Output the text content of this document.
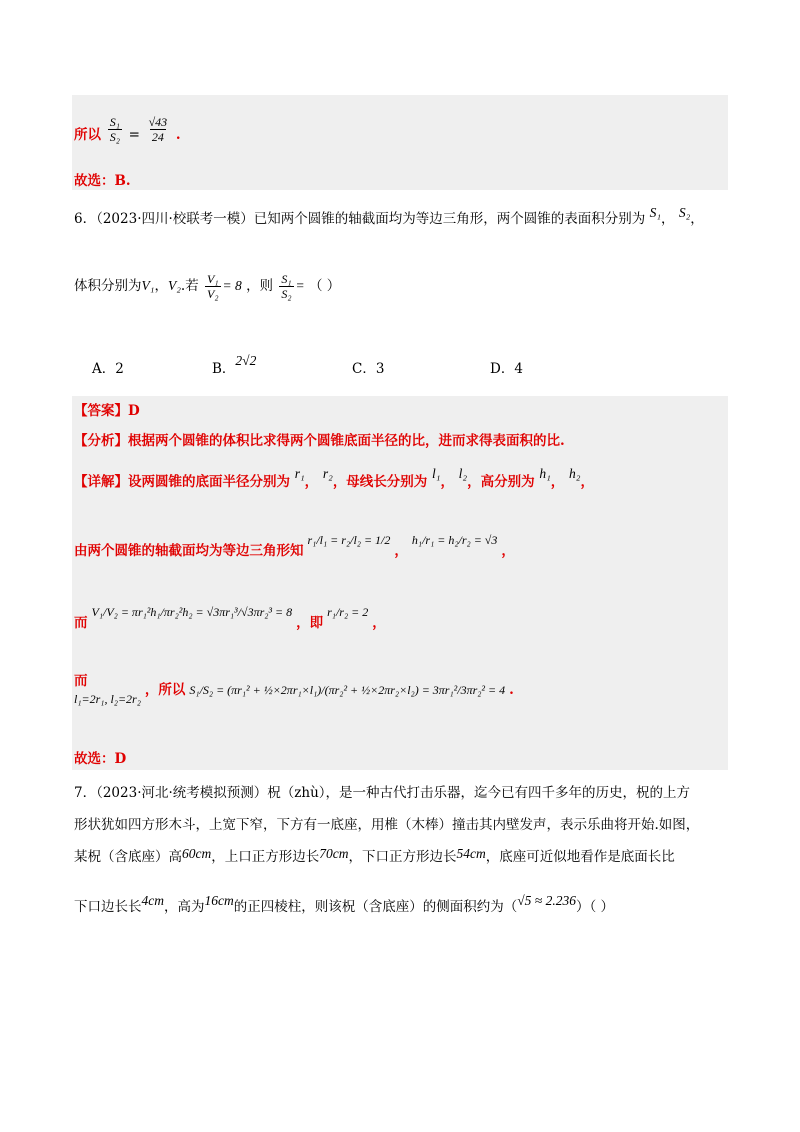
所以 $\frac{\text{S₁}}{\text{S₂}} = \frac{√43}{24}$ .
故选：B.
6．（2023·四川·校联考一模）已知两个圆锥的轴截面均为等边三角形，两个圆锥的表面积分别为 S₁， S₂，
体积分别为V₁，V₂.若 $\frac{\text{V₁}}{\text{V₂}} = 8$ ，则 $\frac{\text{S₁}}{\text{S₂}}$ = （ ）
A．2	B．2√2
C．3	D．4
【答案】D
【分析】根据两个圆锥的体积比求得两个圆锥底面半径的比，进而求得表面积的比.
【详解】设两圆锥的底面半径分别为 r₁， r₂，母线长分别为 l₁， l₂，高分别为 h₁， h₂，
由两个圆锥的轴截面均为等边三角形知
r₁/l₁ = r₂/l₂ = 1/2
，
h₁/r₁ = h₂/r₂ = √3
，
而
V₁/V₂ = πr₁²h₁/πr₂²h₂ = √3πr₁³/√3πr₂³ = 8
，即
r₁/r₂ = 2
，
而
l₁=2r₁, l₂=2r₂
，所以 S₁/S₂ = (πr₁² + ½×2πr₁×l₁)/(πr₂² + ½×2πr₂×l₂) = 3πr₁²/3πr₂² = 4 .
故选：D
7．（2023·河北·统考模拟预测）柷（zhù），是一种古代打击乐器，迄今已有四千多年的历史，柷的上方
形状犹如四方形木斗，上宽下窄，下方有一底座，用椎（木棒）撞击其内壁发声，表示乐曲将开始.如图，
某柷（含底座）高60cm，上口正方形边长70cm，下口正方形边长54cm，底座可近似地看作是底面长比
下口边长长4cm，高为16cm的正四棱柱，则该柷（含底座）的侧面积约为（√5 ≈ 2.236）（ ）
